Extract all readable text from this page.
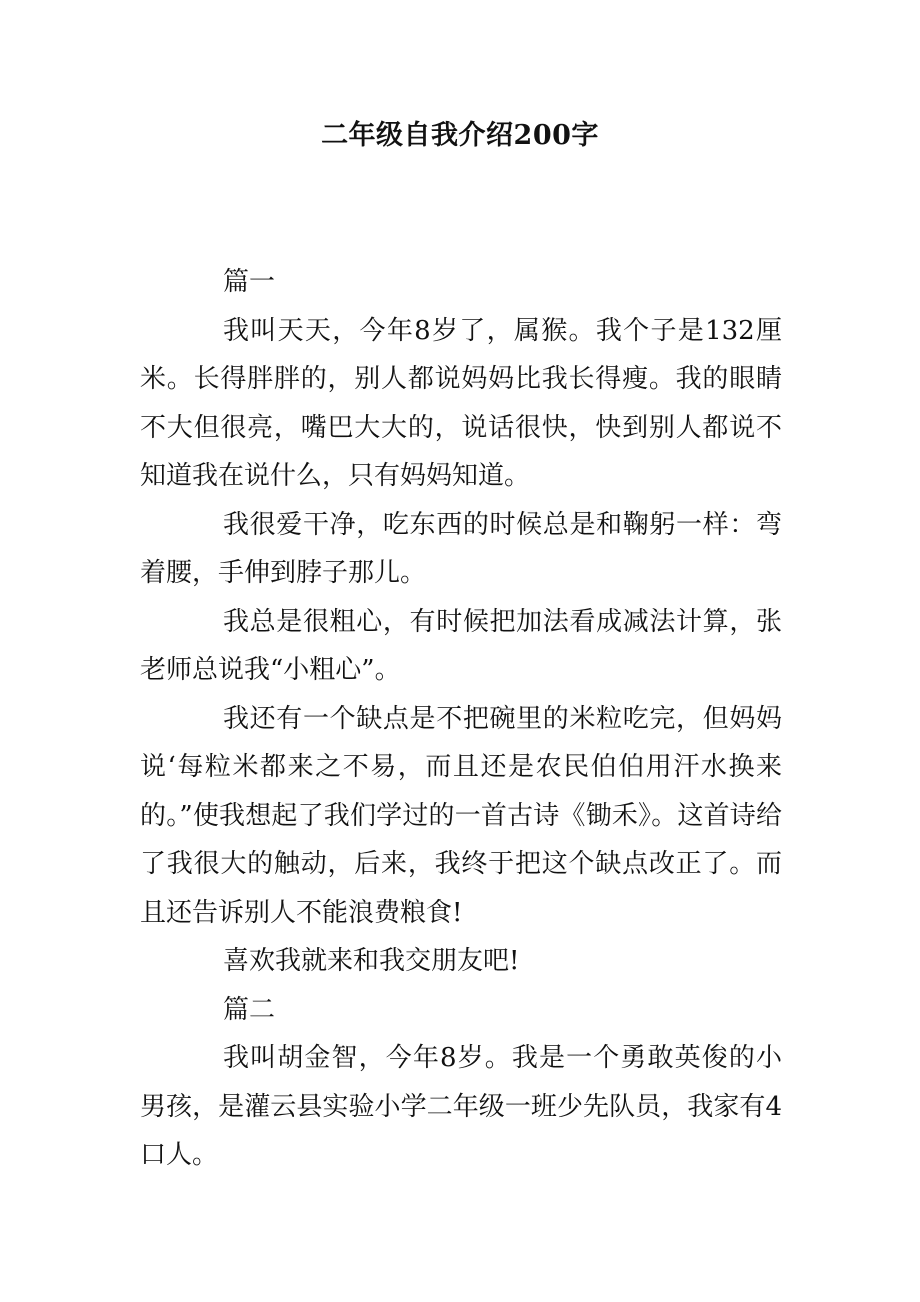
二年级自我介绍200字

篇一

我叫天天，今年8岁了，属猴。我个子是132厘米。长得胖胖的，别人都说妈妈比我长得瘦。我的眼睛不大但很亮，嘴巴大大的，说话很快，快到别人都说不知道我在说什么，只有妈妈知道。

我很爱干净，吃东西的时候总是和鞠躬一样：弯着腰，手伸到脖子那儿。

我总是很粗心，有时候把加法看成减法计算，张老师总说我“小粗心”。

我还有一个缺点是不把碗里的米粒吃完，但妈妈说‘每粒米都来之不易，而且还是农民伯伯用汗水换来的。”使我想起了我们学过的一首古诗《锄禾》。这首诗给了我很大的触动，后来，我终于把这个缺点改正了。而且还告诉别人不能浪费粮食!

喜欢我就来和我交朋友吧!

篇二

我叫胡金智，今年8岁。我是一个勇敢英俊的小男孩，是灌云县实验小学二年级一班少先队员，我家有4口人。
